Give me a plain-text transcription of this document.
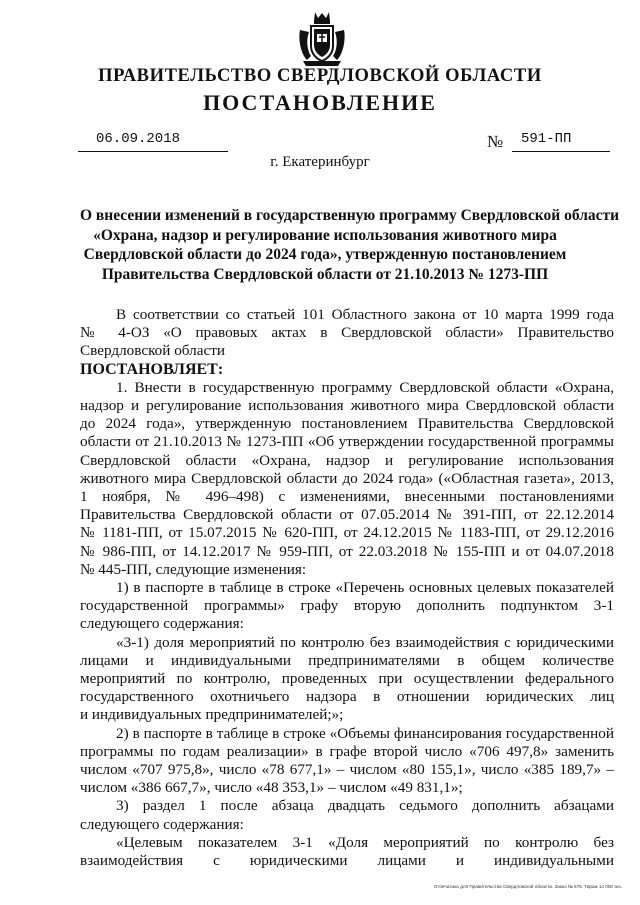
ПРАВИТЕЛЬСТВО СВЕРДЛОВСКОЙ ОБЛАСТИ
ПОСТАНОВЛЕНИЕ
06.09.2018	№ 591-ПП
г. Екатеринбург
О внесении изменений в государственную программу Свердловской области
«Охрана, надзор и регулирование использования животного мира
Свердловской области до 2024 года», утвержденную постановлением
Правительства Свердловской области от 21.10.2013 № 1273-ПП
В соответствии со статьей 101 Областного закона от 10 марта 1999 года
№ 4-ОЗ «О правовых актах в Свердловской области» Правительство
Свердловской области
ПОСТАНОВЛЯЕТ:
1. Внести в государственную программу Свердловской области «Охрана,
надзор и регулирование использования животного мира Свердловской области
до 2024 года», утвержденную постановлением Правительства Свердловской
области от 21.10.2013 № 1273-ПП «Об утверждении государственной программы
Свердловской области «Охрана, надзор и регулирование использования
животного мира Свердловской области до 2024 года» («Областная газета», 2013,
1 ноября, № 496–498) с изменениями, внесенными постановлениями
Правительства Свердловской области от 07.05.2014 № 391-ПП, от 22.12.2014
№ 1181-ПП, от 15.07.2015 № 620-ПП, от 24.12.2015 № 1183-ПП, от 29.12.2016
№ 986-ПП, от 14.12.2017 № 959-ПП, от 22.03.2018 № 155-ПП и от 04.07.2018
№ 445-ПП, следующие изменения:
1) в паспорте в таблице в строке «Перечень основных целевых показателей
государственной программы» графу вторую дополнить подпунктом 3-1
следующего содержания:
«3-1) доля мероприятий по контролю без взаимодействия с юридическими
лицами и индивидуальными предпринимателями в общем количестве
мероприятий по контролю, проведенных при осуществлении федерального
государственного охотничьего надзора в отношении юридических лиц
и индивидуальных предпринимателей;»;
2) в паспорте в таблице в строке «Объемы финансирования государственной
программы по годам реализации» в графе второй число «706 497,8» заменить
числом «707 975,8», число «78 677,1» – числом «80 155,1», число «385 189,7» –
числом «386 667,7», число «48 353,1» – числом «49 831,1»;
3) раздел 1 после абзаца двадцать седьмого дополнить абзацами
следующего содержания:
«Целевым показателем 3-1 «Доля мероприятий по контролю без
взаимодействия с юридическими лицами и индивидуальными
Отпечатано для Правительства Свердловской области. Заказ № 575. Тираж 14 000 экз.
